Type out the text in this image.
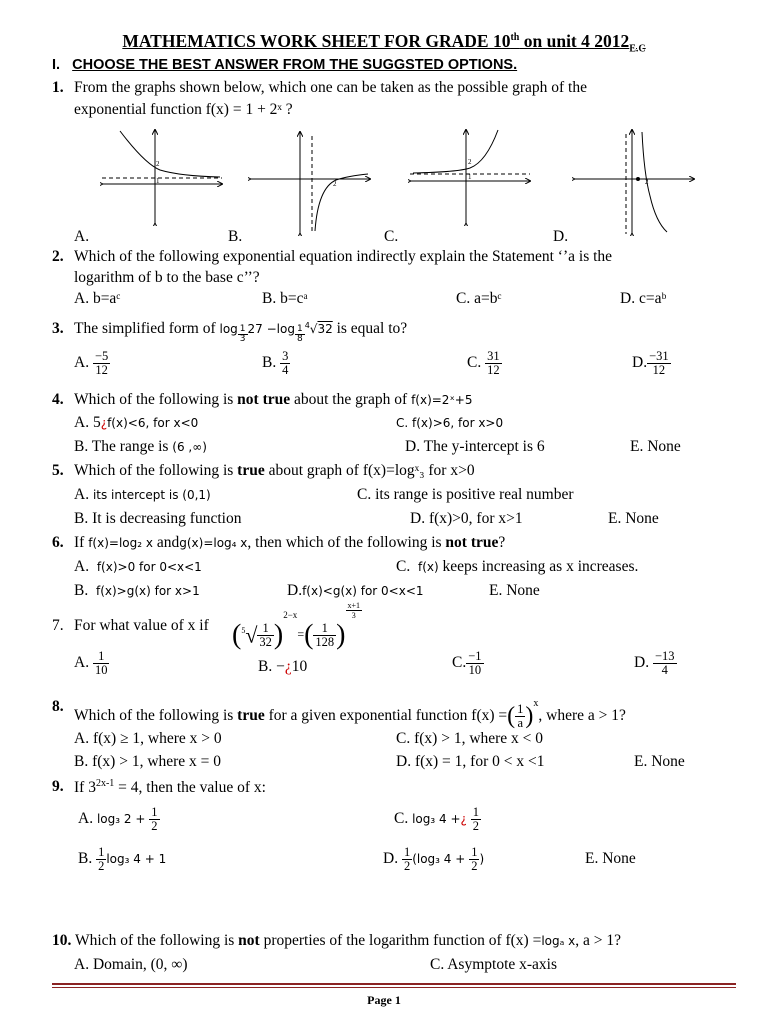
MATHEMATICS WORK SHEET FOR GRADE 10th on unit 4 $2012_{E.C}$
I. CHOOSE THE BEST ANSWER FROM THE SUGGSTED OPTIONS.
1. From the graphs shown below, which one can be taken as the possible graph of the
exponential function f(x) = 1 + 2ˣ ?
2
1	2
2
1
2
A.	B.	C.	D.
2. Which of the following exponential equation indirectly explain the Statement ‘’a is the
logarithm of b to the base c’’?
A. b=aᶜ	B. b=cᵃ	C. a=bᶜ	D. c=aᵇ
3. The simplified form of $\log \frac{1}{3} 27 -\log \frac{1}{8} ^4√32$ is equal to?
A. $\frac{-5}{12}$	B. $\frac{3}{4}$	C. $\frac{31}{12}$	D. $\frac{-31}{12}$
4. Which of the following is not true about the graph of f(x)=2ˣ+5
A. 5¿f(x)<6, for x<0	C. f(x)>6, for x>0
B. The range is (6 ,∞)	D. The y-intercept is 6	E. None
5. Which of the following is true about graph of f(x)=logˣ₃ for x>0
A. its intercept is (0,1)	C. its range is positive real number
B. It is decreasing function	D. f(x)>0, for x>1	E. None
6. If f(x)=log₂ x andg(x)=log₄ x, then which of the following is not true?
A. f(x)>0 for 0<x<1	C. f(x) keeps increasing as x increases.
B. f(x)>g(x) for x>1	D.f(x)<g(x) for 0<x<1	E. None
7. For what value of x if $(^5√ \frac{1}{32} )^{2-x}=( \frac{1}{128}$ )
$\frac{x+1}{3}$
A. $\frac{1}{10}$	B. −¿10	C. $\frac{-1}{10}$	D. $\frac{-13}{4}$
8.
Which of the following is true for a given exponential function f(x) =( $\frac{1}{a} )^x$, where a > 1?
A. f(x) ≥ 1, where x > 0	C. f(x) > 1, where x < 0
B. f(x) > 1, where x = 0	D. f(x) = 1, for 0 < x <1	E. None
9. If $3^{2x-1} = 4$, then the value of x:
A. log₃ $2 + \frac{1}{2}$	C. log₃ 4 +¿ $\frac{1}{2}$
B. $\frac{1}{2} \log_3$ 4 + 1	D. $\frac{1}{2} (\log_3$ $4 + \frac{1}{2}$ )	E. None
10. Which of the following is not properties of the logarithm function of f(x) =logₐ x, a > 1?
A. Domain, (0, ∞)	C. Asymptote x-axis
Page 1
